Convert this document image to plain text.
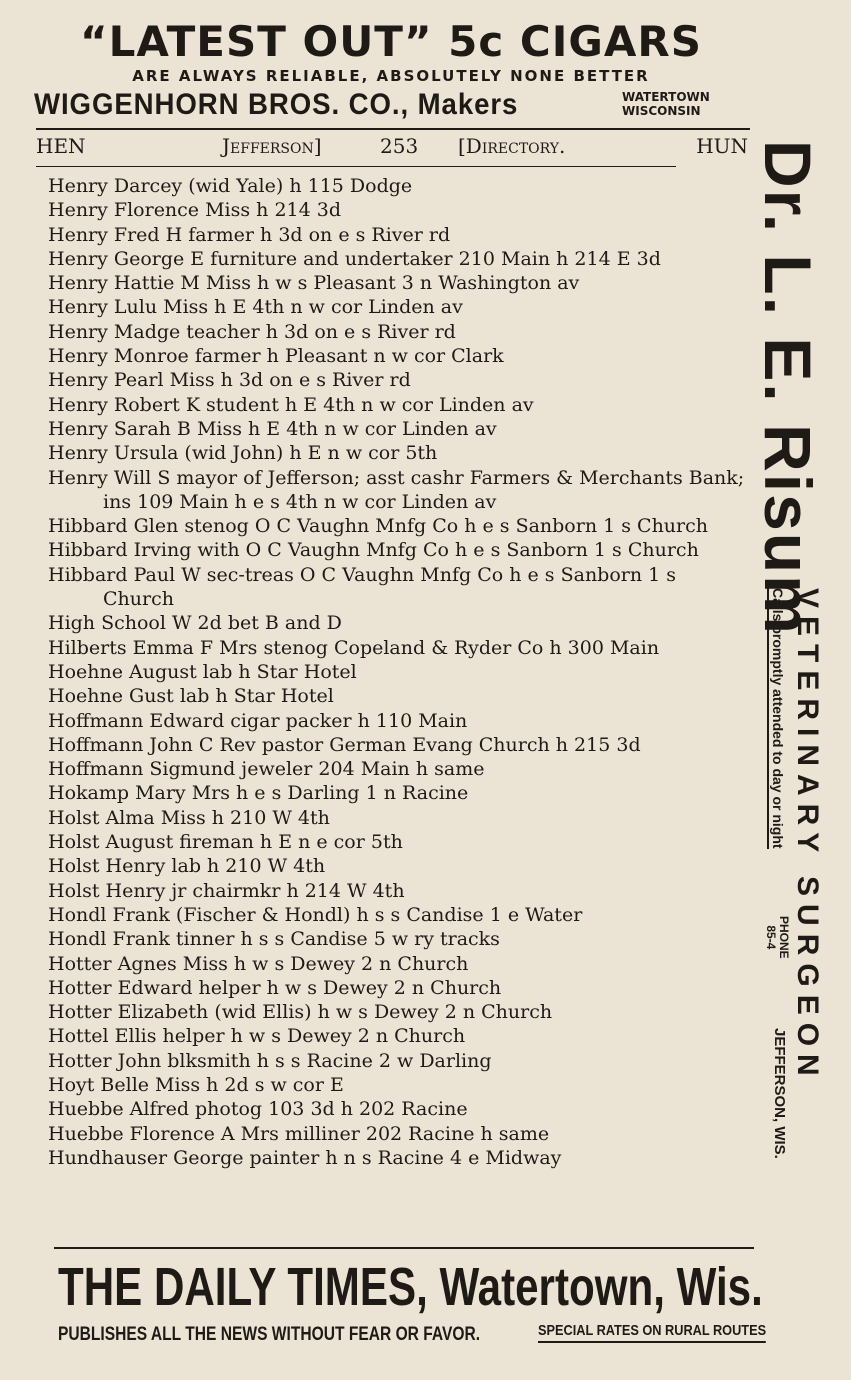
“LATEST OUT” 5c CIGARS
ARE ALWAYS RELIABLE, ABSOLUTELY NONE BETTER
WIGGENHORN BROS. CO., Makers	WATERTOWN
WISCONSIN
HEN	Jefferson]	253 [Directory.	HUN

Henry Darcey (wid Yale) h 115 Dodge

Henry Florence Miss h 214 3d

Henry Fred H farmer h 3d on e s River rd

Henry George E furniture and undertaker 210 Main h 214 E 3d

Henry Hattie M Miss h w s Pleasant 3 n Washington av

Henry Lulu Miss h E 4th n w cor Linden av

Henry Madge teacher h 3d on e s River rd

Henry Monroe farmer h Pleasant n w cor Clark

Henry Pearl Miss h 3d on e s River rd

Henry Robert K student h E 4th n w cor Linden av

Henry Sarah B Miss h E 4th n w cor Linden av

Henry Ursula (wid John) h E n w cor 5th

Henry Will S mayor of Jefferson; asst cashr Farmers & Merchants Bank; ins 109 Main h e s 4th n w cor Linden av

Hibbard Glen stenog O C Vaughn Mnfg Co h e s Sanborn 1 s Church

Hibbard Irving with O C Vaughn Mnfg Co h e s Sanborn 1 s Church

Hibbard Paul W sec-treas O C Vaughn Mnfg Co h e s Sanborn 1 s Church

High School W 2d bet B and D

Hilberts Emma F Mrs stenog Copeland & Ryder Co h 300 Main

Hoehne August lab h Star Hotel

Hoehne Gust lab h Star Hotel

Hoffmann Edward cigar packer h 110 Main

Hoffmann John C Rev pastor German Evang Church h 215 3d

Hoffmann Sigmund jeweler 204 Main h same

Hokamp Mary Mrs h e s Darling 1 n Racine

Holst Alma Miss h 210 W 4th

Holst August fireman h E n e cor 5th

Holst Henry lab h 210 W 4th

Holst Henry jr chairmkr h 214 W 4th

Hondl Frank (Fischer & Hondl) h s s Candise 1 e Water

Hondl Frank tinner h s s Candise 5 w ry tracks

Hotter Agnes Miss h w s Dewey 2 n Church

Hotter Edward helper h w s Dewey 2 n Church

Hotter Elizabeth (wid Ellis) h w s Dewey 2 n Church

Hottel Ellis helper h w s Dewey 2 n Church

Hotter John blksmith h s s Racine 2 w Darling

Hoyt Belle Miss h 2d s w cor E

Huebbe Alfred photog 103 3d h 202 Racine

Huebbe Florence A Mrs milliner 202 Racine h same

Hundhauser George painter h n s Racine 4 e Midway

Dr. L. E. Risum
VETERINARY SURGEON
Calls promptly attended to day or night
PHONE
85-4
JEFFERSON, WIS.
THE DAILY TIMES, Watertown, Wis.
PUBLISHES ALL THE NEWS WITHOUT FEAR OR FAVOR.	SPECIAL RATES ON RURAL ROUTES
